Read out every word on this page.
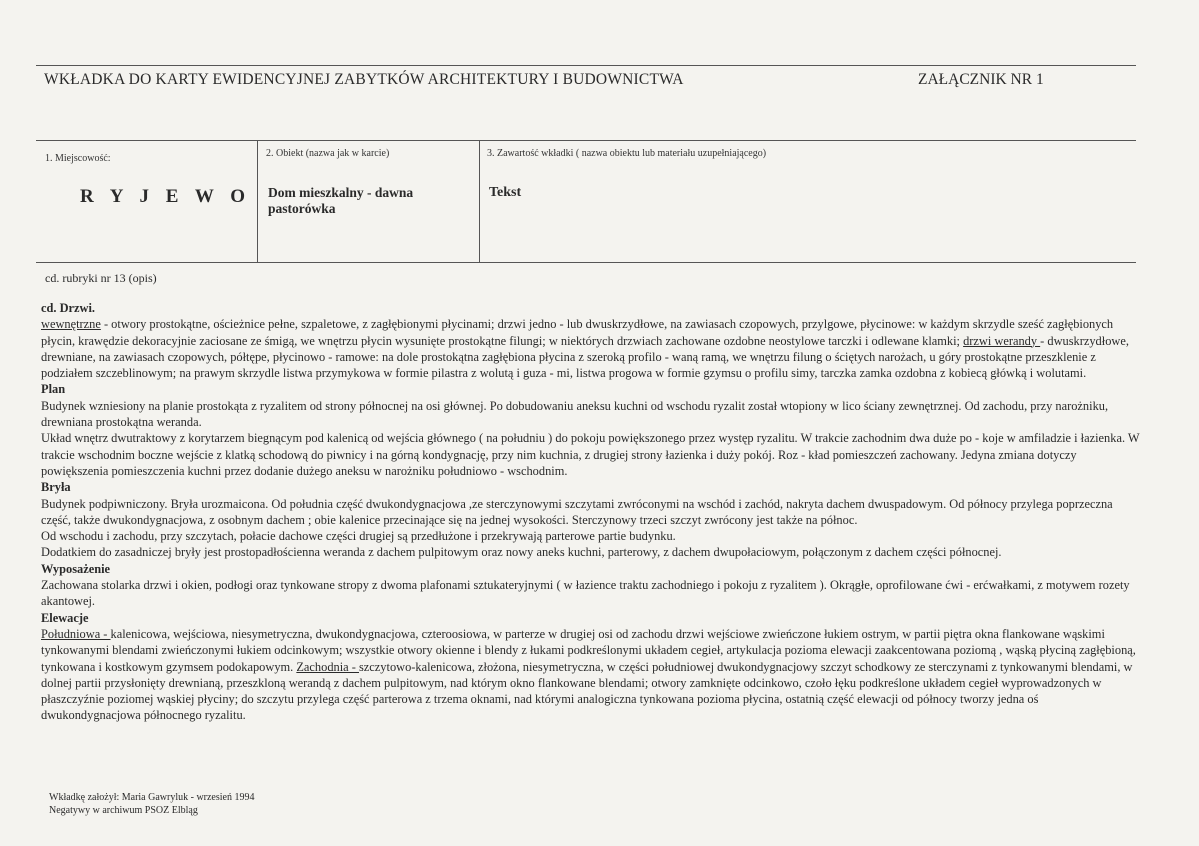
WKŁADKA DO KARTY EWIDENCYJNEJ ZABYTKÓW ARCHITEKTURY I BUDOWNICTWA	ZAŁĄCZNIK NR 1
1. Miejscowość:
R Y J E W O
2. Obiekt (nazwa jak w karcie)
Dom mieszkalny - dawna pastorówka
3. Zawartość wkładki ( nazwa obiektu lub materiału uzupełniającego)
Tekst
cd. rubryki nr 13 (opis)

cd. Drzwi.

wewnętrzne - otwory prostokątne, ościeżnice pełne, szpaletowe, z zagłębionymi płycinami; drzwi jedno - lub dwuskrzydłowe, na zawiasach czopowych, przylgowe, płycinowe: w każdym skrzydle sześć zagłębionych płycin, krawędzie dekoracyjnie zaciosane ze śmigą, we wnętrzu płycin wysunięte prostokątne filungi; w niektórych drzwiach zachowane ozdobne neostylowe tarczki i odlewane klamki; drzwi werandy - dwuskrzydłowe, drewniane, na zawiasach czopowych, półtępe, płycinowo - ramowe: na dole prostokątna zagłębiona płycina z szeroką profilo - waną ramą, we wnętrzu filung o ściętych narożach, u góry prostokątne przeszklenie z podziałem szczeblinowym; na prawym skrzydle listwa przymykowa w formie pilastra z wolutą i guza - mi, listwa progowa w formie gzymsu o profilu simy, tarczka zamka ozdobna z kobiecą główką i wolutami.

Plan

Budynek wzniesiony na planie prostokąta z ryzalitem od strony północnej na osi głównej. Po dobudowaniu aneksu kuchni od wschodu ryzalit został wtopiony w lico ściany zewnętrznej. Od zachodu, przy narożniku, drewniana prostokątna weranda.

Układ wnętrz dwutraktowy z korytarzem biegnącym pod kalenicą od wejścia głównego ( na południu ) do pokoju powiększonego przez występ ryzalitu. W trakcie zachodnim dwa duże po - koje w amfiladzie i łazienka. W trakcie wschodnim boczne wejście z klatką schodową do piwnicy i na górną kondygnację, przy nim kuchnia, z drugiej strony łazienka i duży pokój. Roz - kład pomieszczeń zachowany. Jedyna zmiana dotyczy powiększenia pomieszczenia kuchni przez dodanie dużego aneksu w narożniku południowo - wschodnim.

Bryła

Budynek podpiwniczony. Bryła urozmaicona. Od południa część dwukondygnacjowa ,ze sterczynowymi szczytami zwróconymi na wschód i zachód, nakryta dachem dwuspadowym. Od północy przylega poprzeczna część, także dwukondygnacjowa, z osobnym dachem ; obie kalenice przecinające się na jednej wysokości. Sterczynowy trzeci szczyt zwrócony jest także na północ.

Od wschodu i zachodu, przy szczytach, połacie dachowe części drugiej są przedłużone i przekrywają parterowe partie budynku.

Dodatkiem do zasadniczej bryły jest prostopadłościenna weranda z dachem pulpitowym oraz nowy aneks kuchni, parterowy, z dachem dwupołaciowym, połączonym z dachem części północnej.

Wyposażenie

Zachowana stolarka drzwi i okien, podłogi oraz tynkowane stropy z dwoma plafonami sztukateryjnymi ( w łazience traktu zachodniego i pokoju z ryzalitem ). Okrągłe, oprofilowane ćwi - erćwałkami, z motywem rozety akantowej.

Elewacje

Południowa - kalenicowa, wejściowa, niesymetryczna, dwukondygnacjowa, czteroosiowa, w parterze w drugiej osi od zachodu drzwi wejściowe zwieńczone łukiem ostrym, w partii piętra okna flankowane wąskimi tynkowanymi blendami zwieńczonymi łukiem odcinkowym; wszystkie otwory okienne i blendy z łukami podkreślonymi układem cegieł, artykulacja pozioma elewacji zaakcentowana poziomą , wąską płyciną zagłębioną, tynkowana i kostkowym gzymsem podokapowym. Zachodnia - szczytowo-kalenicowa, złożona, niesymetryczna, w części południowej dwukondygnacjowy szczyt schodkowy ze sterczynami z tynkowanymi blendami, w dolnej partii przysłonięty drewnianą, przeszkloną werandą z dachem pulpitowym, nad którym okno flankowane blendami; otwory zamknięte odcinkowo, czoło łęku podkreślone układem cegieł wyprowadzonych w płaszczyźnie poziomej wąskiej płyciny; do szczytu przylega część parterowa z trzema oknami, nad którymi analogiczna tynkowana pozioma płycina, ostatnią część elewacji od północy tworzy jedna oś dwukondygnacjowa północnego ryzalitu.

Wkładkę założył: Maria Gawryluk - wrzesień 1994
Negatywy w archiwum PSOZ Elbląg
